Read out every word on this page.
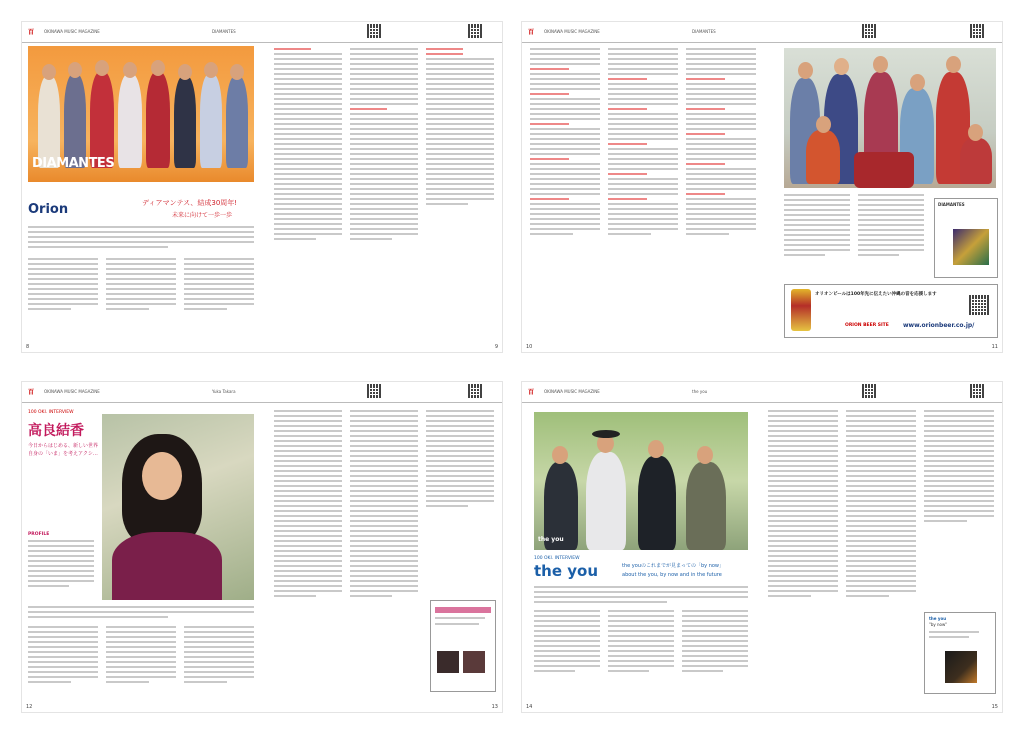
百 OKINAWA MUSIC MAGAZINE	DIAMANTES
DIAMANTES
Orion	ディアマンテス、結成30周年!
未来に向けて一歩一歩
8	9
百 OKINAWA MUSIC MAGAZINE	DIAMANTES
DIAMANTES
オリオンビールは100年先に伝えたい沖縄の音を応援します
ORION BEER SITE www.orionbeer.co.jp/
10	11
百 OKINAWA MUSIC MAGAZINE	Yuka Takara
100 OKI. INTERVIEW
高良結香
今日からはじめる、新しい世界
自身の「いま」を考えアクシ…
PROFILE
12	13
百 OKINAWA MUSIC MAGAZINE	the you
the you
100 OKI. INTERVIEW
the you	the youのこれまでが見まっての「by now」
about the you, by now and in the future
the you
"by now"
14	15
